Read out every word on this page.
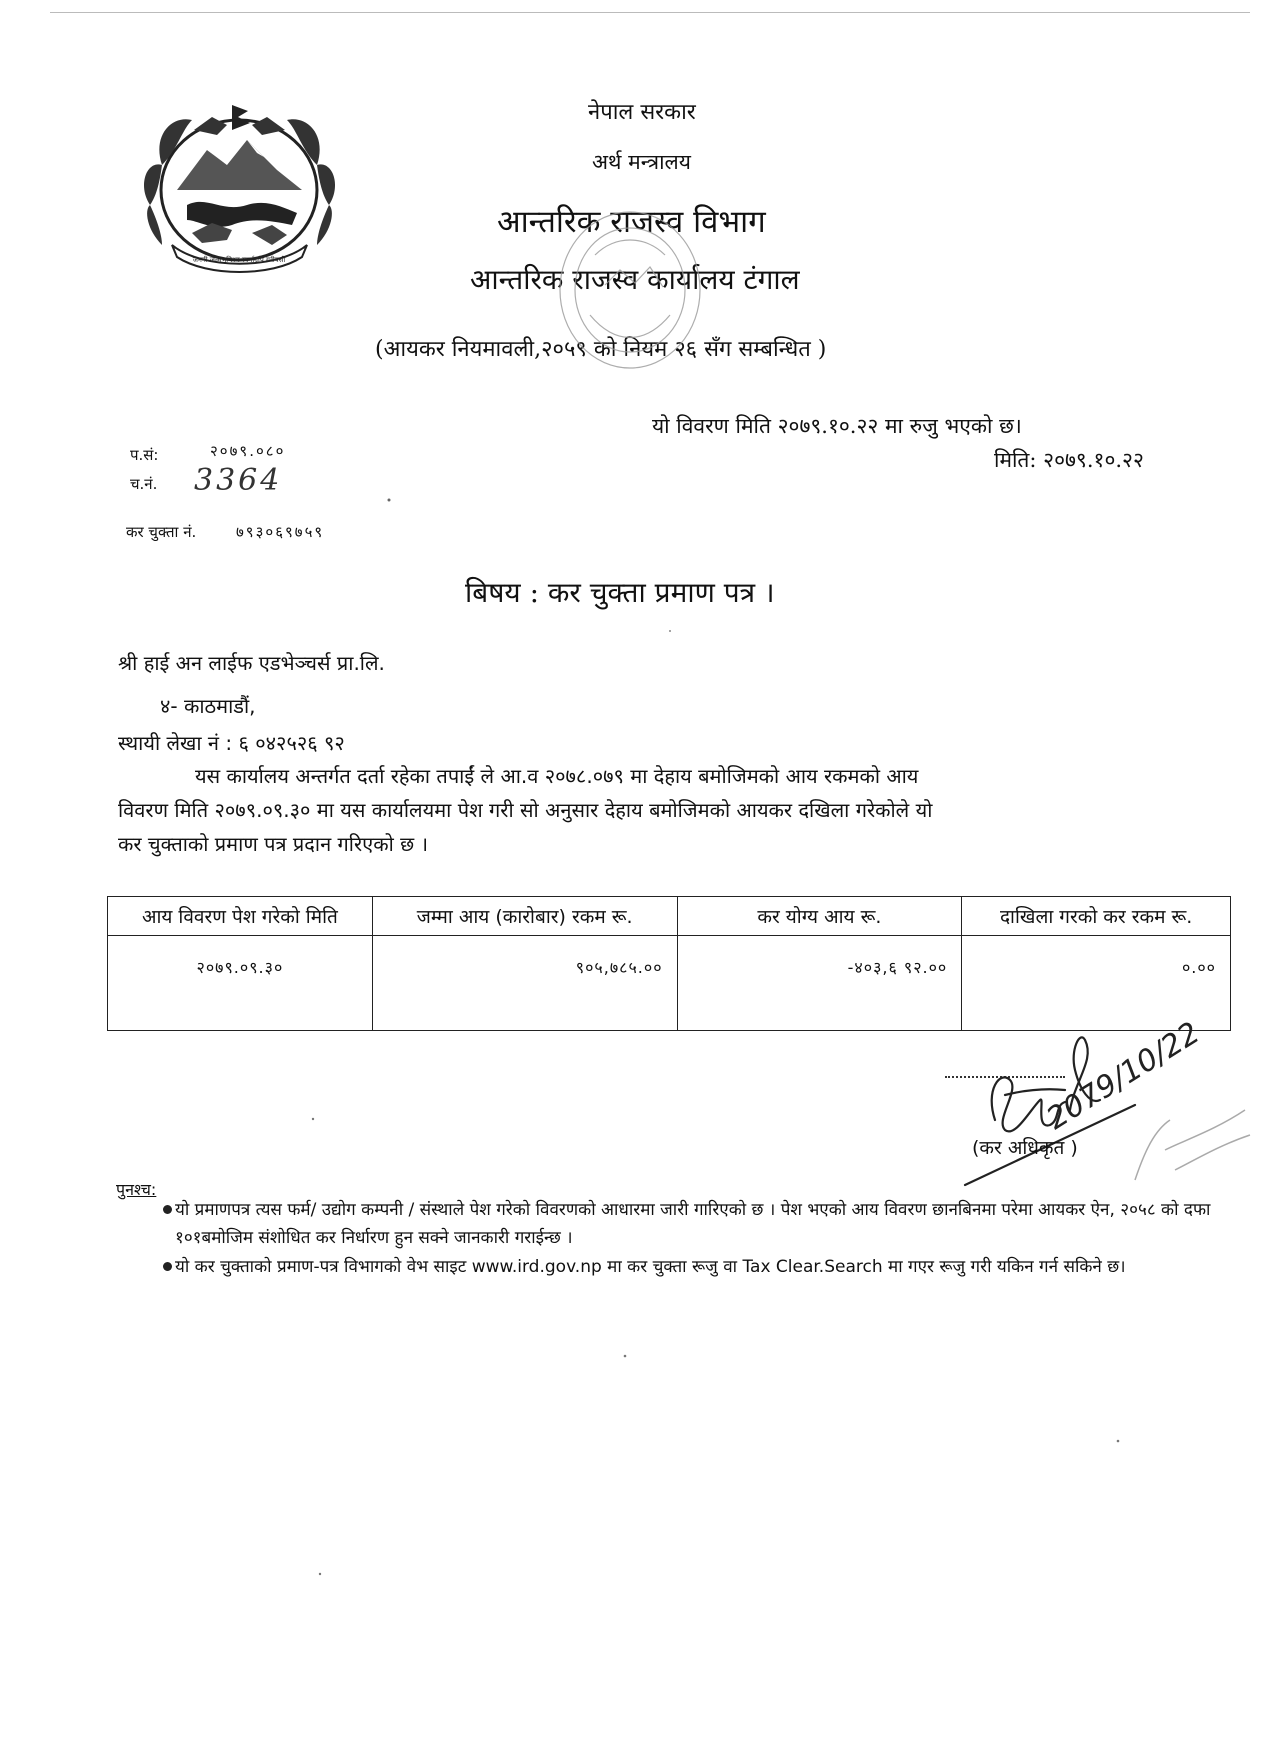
जननी जन्मभूमिश्च स्वर्गादपि गरीयसी
नेपाल सरकार
अर्थ मन्त्रालय
आन्तरिक राजस्व विभाग
आन्तरिक राजस्व कार्यालय टंगाल
(आयकर नियमावली,२०५९ को नियम २६ सँग सम्बन्धित )
यो विवरण मिति २०७९.१०.२२ मा रुजु भएको छ।
मिति: २०७९.१०.२२
प.सं:	२०७९.०८०
च.नं. 3364
कर चुक्ता नं.	७९३०६९७५९
बिषय : कर चुक्ता प्रमाण पत्र ।
श्री हाई अन लाईफ एडभेञ्चर्स प्रा.लि.
४- काठमाडौं,
स्थायी लेखा नं : ६ ०४२५२६ ९२
यस कार्यालय अन्तर्गत दर्ता रहेका तपाईं ले आ.व २०७८.०७९ मा देहाय बमोजिमको आय रकमको आय
विवरण मिति २०७९.०९.३० मा यस कार्यालयमा पेश गरी सो अनुसार देहाय बमोजिमको आयकर दखिला गरेकोले यो
कर चुक्ताको प्रमाण पत्र प्रदान गरिएको छ ।
आय विवरण पेश गरेको मिति	जम्मा आय (कारोबार) रकम रू.	कर योग्य आय रू.	दाखिला गरको कर रकम रू.
२०७९.०९.३०	९०५,७८५.००	-४०३,६ ९२.००	०.००
2079/10/22
(कर अधिकृत )
पुनश्च:
यो प्रमाणपत्र त्यस फर्म/ उद्योग कम्पनी / संस्थाले पेश गरेको विवरणको आधारमा जारी गारिएको छ । पेश भएको आय विवरण छानबिनमा परेमा आयकर ऐन, २०५८ को दफा १०१बमोजिम संशोधित कर निर्धारण हुन सक्ने जानकारी गराईन्छ ।
यो कर चुक्ताको प्रमाण-पत्र विभागको वेभ साइट www.ird.gov.np मा कर चुक्ता रूजु वा Tax Clear.Search मा गएर रूजु गरी यकिन गर्न सकिने छ।
